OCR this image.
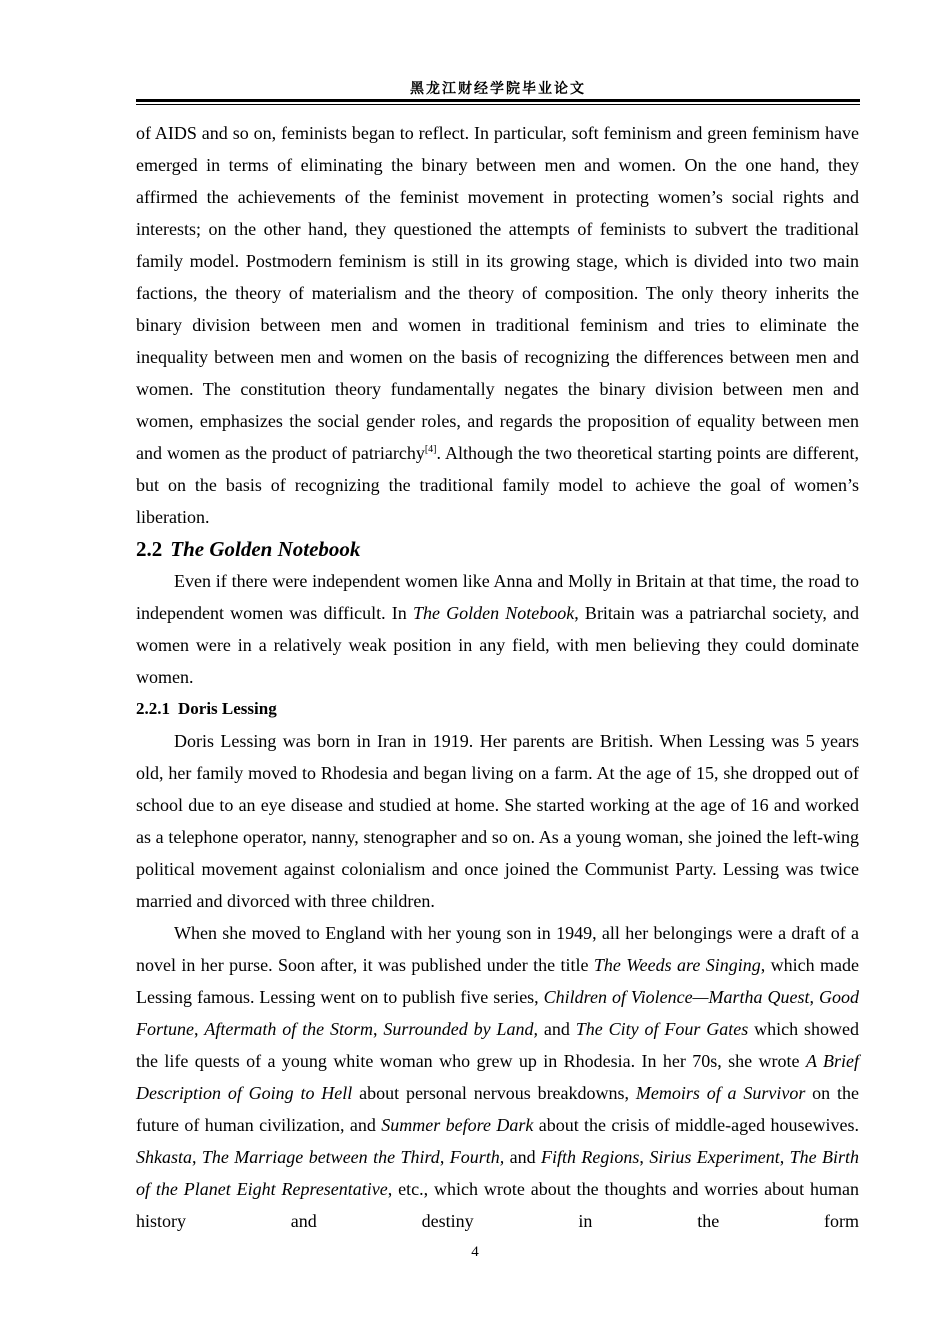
黑龙江财经学院毕业论文

of AIDS and so on, feminists began to reflect. In particular, soft feminism and green feminism have emerged in terms of eliminating the binary between men and women. On the one hand, they affirmed the achievements of the feminist movement in protecting women’s social rights and interests; on the other hand, they questioned the attempts of feminists to subvert the traditional family model. Postmodern feminism is still in its growing stage, which is divided into two main factions, the theory of materialism and the theory of composition. The only theory inherits the binary division between men and women in traditional feminism and tries to eliminate the inequality between men and women on the basis of recognizing the differences between men and women. The constitution theory fundamentally negates the binary division between men and women, emphasizes the social gender roles, and regards the proposition of equality between men and women as the product of patriarchy[4]. Although the two theoretical starting points are different, but on the basis of recognizing the traditional family model to achieve the goal of women’s liberation.

2.2 The Golden Notebook

Even if there were independent women like Anna and Molly in Britain at that time, the road to independent women was difficult. In The Golden Notebook, Britain was a patriarchal society, and women were in a relatively weak position in any field, with men believing they could dominate women.

2.2.1 Doris Lessing

Doris Lessing was born in Iran in 1919. Her parents are British. When Lessing was 5 years old, her family moved to Rhodesia and began living on a farm. At the age of 15, she dropped out of school due to an eye disease and studied at home. She started working at the age of 16 and worked as a telephone operator, nanny, stenographer and so on. As a young woman, she joined the left-wing political movement against colonialism and once joined the Communist Party. Lessing was twice married and divorced with three children.

When she moved to England with her young son in 1949, all her belongings were a draft of a novel in her purse. Soon after, it was published under the title The Weeds are Singing, which made Lessing famous. Lessing went on to publish five series, Children of Violence—Martha Quest, Good Fortune, Aftermath of the Storm, Surrounded by Land, and The City of Four Gates which showed the life quests of a young white woman who grew up in Rhodesia. In her 70s, she wrote A Brief Description of Going to Hell about personal nervous breakdowns, Memoirs of a Survivor on the future of human civilization, and Summer before Dark about the crisis of middle-aged housewives. Shkasta, The Marriage between the Third, Fourth, and Fifth Regions, Sirius Experiment, The Birth of the Planet Eight Representative, etc., which wrote about the thoughts and worries about human history and destiny in the form

4
